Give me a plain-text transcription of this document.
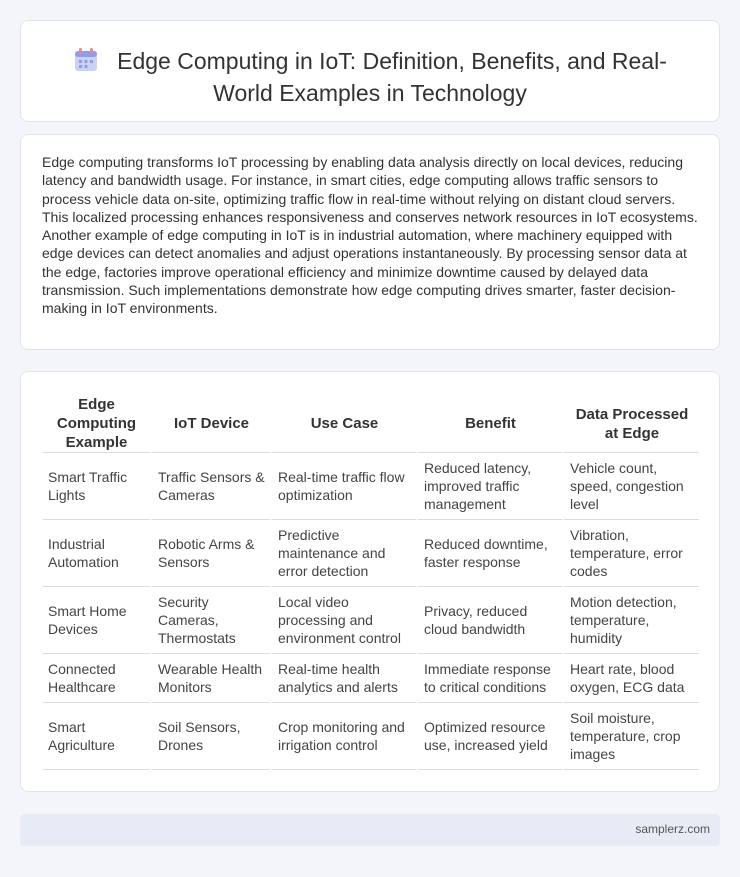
Edge Computing in IoT: Definition, Benefits, and Real-World Examples in Technology

Edge computing transforms IoT processing by enabling data analysis directly on local devices, reducing latency and bandwidth usage. For instance, in smart cities, edge computing allows traffic sensors to process vehicle data on-site, optimizing traffic flow in real-time without relying on distant cloud servers. This localized processing enhances responsiveness and conserves network resources in IoT ecosystems. Another example of edge computing in IoT is in industrial automation, where machinery equipped with edge devices can detect anomalies and adjust operations instantaneously. By processing sensor data at the edge, factories improve operational efficiency and minimize downtime caused by delayed data transmission. Such implementations demonstrate how edge computing drives smarter, faster decision-making in IoT environments.

Edge Computing Example	IoT Device	Use Case	Benefit	Data Processed at Edge
Smart Traffic Lights	Traffic Sensors & Cameras	Real-time traffic flow optimization	Reduced latency, improved traffic management	Vehicle count, speed, congestion level
Industrial Automation	Robotic Arms & Sensors	Predictive maintenance and error detection	Reduced downtime, faster response	Vibration, temperature, error codes
Smart Home Devices	Security Cameras, Thermostats	Local video processing and environment control	Privacy, reduced cloud bandwidth	Motion detection, temperature, humidity
Connected Healthcare	Wearable Health Monitors	Real-time health analytics and alerts	Immediate response to critical conditions	Heart rate, blood oxygen, ECG data
Smart Agriculture	Soil Sensors, Drones	Crop monitoring and irrigation control	Optimized resource use, increased yield	Soil moisture, temperature, crop images
samplerz.com
